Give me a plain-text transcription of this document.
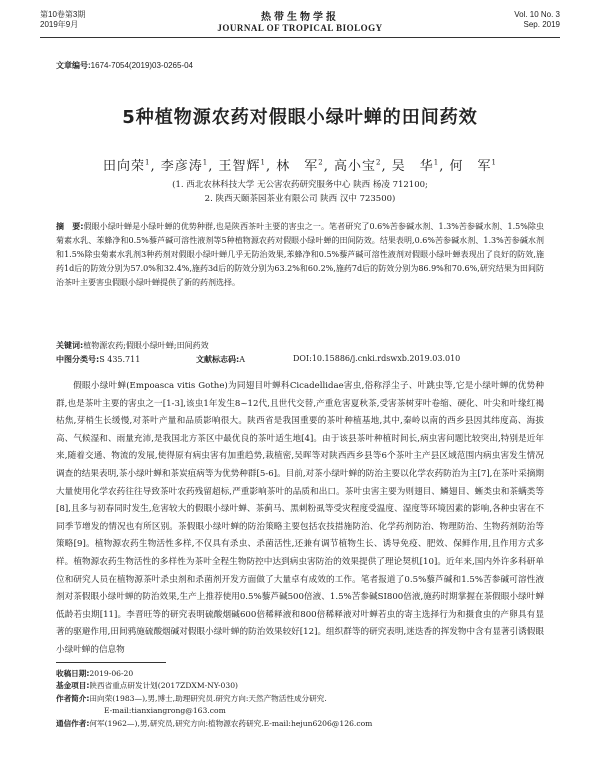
第10卷第3期
2019年9月
热带生物学报
JOURNAL OF TROPICAL BIOLOGY
Vol. 10 No. 3
Sep. 2019
文章编号:1674-7054(2019)03-0265-04
5种植物源农药对假眼小绿叶蝉的田间药效
田向荣$^1$, 李彦涛$^1$, 王智辉$^1$, 林　军$^2$, 高小宝$^2$, 吴　华$^1$, 何　军$^1$
(1. 西北农林科技大学 无公害农药研究服务中心 陕西 杨凌 712100;
2. 陕西天颐茶园茶业有限公司 陕西 汉中 723500)
摘　要:假眼小绿叶蝉是小绿叶蝉的优势种群,也是陕西茶叶主要的害虫之一。笔者研究了0.6%苦参碱水剂、1.3%苦参碱水剂、1.5%除虫菊素水乳、苯蜂净和0.5%藜芦碱可溶性液剂等5种植物源农药对假眼小绿叶蝉的田间防效。结果表明,0.6%苦参碱水剂、1.3%苦参碱水剂和1.5%除虫菊素水乳剂3种药剂对假眼小绿叶蝉几乎无防治效果,苯蜂净和0.5%藜芦碱可溶性液剂对假眼小绿叶蝉表现出了良好的防效,施药1d后的防效分别为57.0%和32.4%,施药3d后的防效分别为63.2%和60.2%,施药7d后的防效分别为86.9%和70.6%,研究结果为田间防治茶叶主要害虫假眼小绿叶蝉提供了新的药剂选择。
关键词:植物源农药;假眼小绿叶蝉;田间药效
中图分类号:S 435.711	文献标志码:A	DOI:10.15886/j.cnki.rdswxb.2019.03.010
假眼小绿叶蝉(Empoasca vitis Gothe)为同翅目叶蝉科Cicadellidae害虫,俗称浮尘子、叶跳虫等,它是小绿叶蝉的优势种群,也是茶叶主要的害虫之一[1-3],该虫1年发生8~12代,且世代交替,产重危害夏秋茶,受害茶树芽叶卷缩、硬化、叶尖和叶缘红褐枯焦,芽梢生长缓慢,对茶叶产量和品质影响很大。陕西省是我国重要的茶叶种植基地,其中,秦岭以南的西乡县因其纬度高、海拔高、气候湿和、雨量充沛,是我国北方茶区中最优良的茶叶适生地[4]。由于该县茶叶种植时间长,病虫害问题比较突出,特别是近年来,随着交通、物流的发展,使得原有病虫害有加重趋势,栽植密,吴晖等对陕西西乡县等6个茶叶主产县区域范围内病虫害发生情况调查的结果表明,茶小绿叶蝉和茶炭疽病等为优势种群[5-6]。目前,对茶小绿叶蝉的防治主要以化学农药防治为主[7],在茶叶采摘期大量使用化学农药往往导致茶叶农药残留超标,严重影响茶叶的品质和出口。茶叶虫害主要为则翅目、鳞翅目、蜥类虫和茶螨类等[8],且多与初春同时发生,危害较大的假眼小绿叶蝉、茶蓟马、黑刺粉虱等受灾程度受温度、湿度等环境因素的影响,各种虫害在不同季节增发的情况也有所区别。茶假眼小绿叶蝉的防治策略主要包括农技措施防治、化学药剂防治、物理防治、生物药剂防治等策略[9]。植物源农药生物活性多样,不仅具有杀虫、杀菌活性,还兼有调节植物生长、诱导免疫、肥效、保鲜作用,且作用方式多样。植物源农药生物活性的多样性为茶叶全程生物防控中达到病虫害防治的效果提供了理论契机[10]。近年来,国内外许多科研单位和研究人员在植物源茶叶杀虫剂和杀菌剂开发方面做了大量卓有成效的工作。笔者报道了0.5%藜芦碱和1.5%苦参碱可溶性液剂对茶假眼小绿叶蝉的防治效果,生产上推荐使用0.5%藜芦碱500倍液、1.5%苦参碱SI800倍液,施药时期掌握在茶假眼小绿叶蝉低龄若虫期[11]。李晋旺等的研究表明硫酸烟碱600倍稀释液和800倍稀释液对叶蝉若虫的寄主选择行为和摄食虫的产卵具有显著的驱避作用,田间鸦施硫酸烟碱对假眼小绿叶蝉的防治效果较好[12]。组织群等的研究表明,迷迭香的挥发物中含有显著引诱假眼小绿叶蝉的信息物
收稿日期:2019-06-20
基金项目:陕西省重点研发计划(2017ZDXM-NY-030)
作者简介:田向荣(1983—),男,博士,助理研究员.研究方向:天然产物活性成分研究.
E-mail:tianxiangrong@163.com
通信作者:何军(1962—),男,研究员,研究方向:植物源农药研究.E-mail:hejun6206@126.com
